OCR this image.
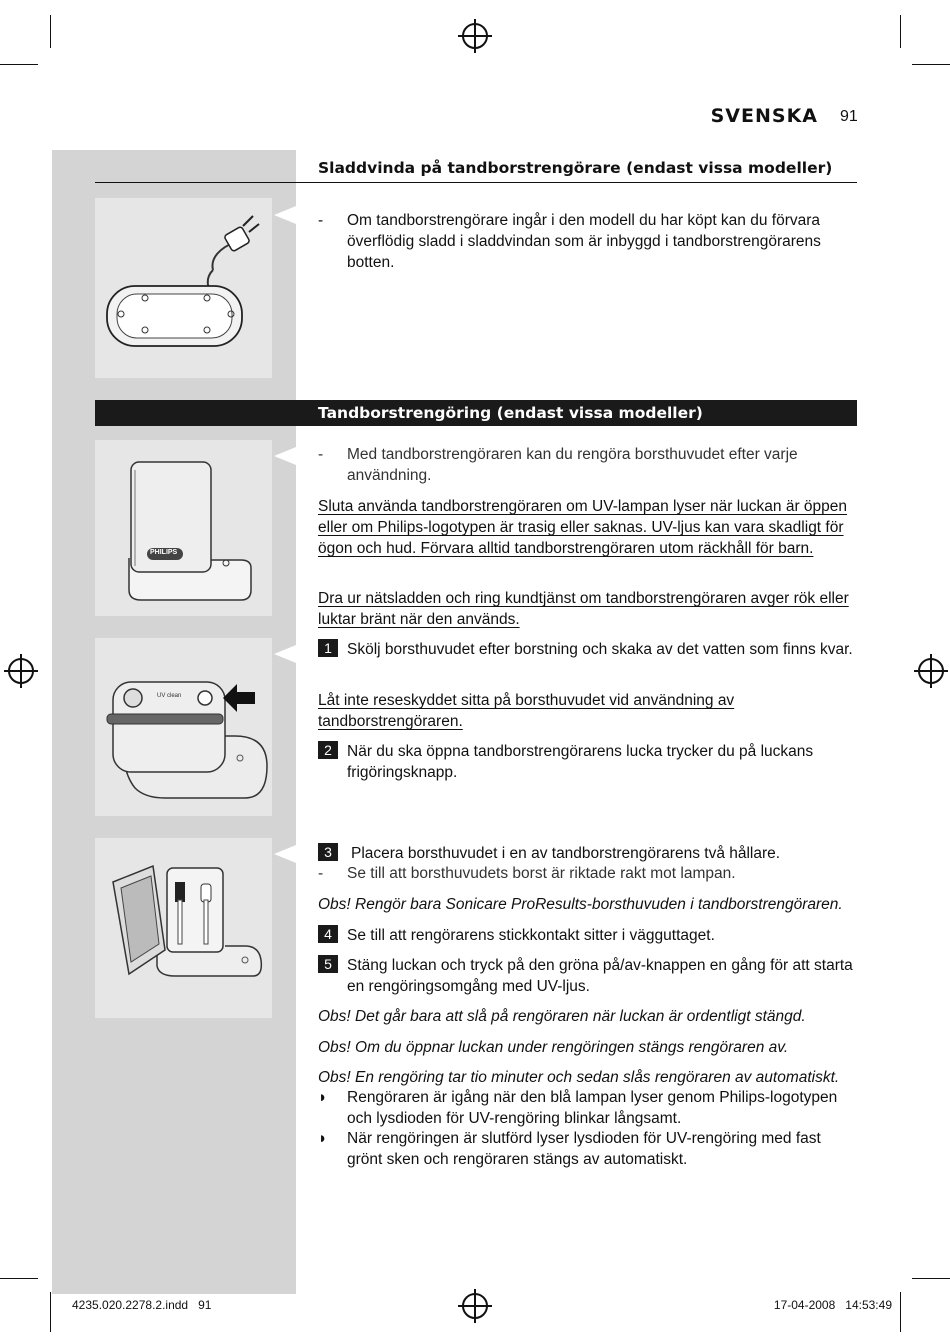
SVENSKA 91
PHILIPS
UV clean
Sladdvinda på tandborstrengörare (endast vissa modeller)
-	Om tandborstrengörare ingår i den modell du har köpt kan du förvara överflödig sladd i sladdvindan som är inbyggd i tandborstrengörarens botten.
Tandborstrengöring (endast vissa modeller)
-	Med tandborstrengöraren kan du rengöra borsthuvudet efter varje användning.
Sluta använda tandborstrengöraren om UV-lampan lyser när luckan är öppen eller om Philips-logotypen är trasig eller saknas. UV-ljus kan vara skadligt för ögon och hud. Förvara alltid tandborstrengöraren utom räckhåll för barn.
Dra ur nätsladden och ring kundtjänst om tandborstrengöraren avger rök eller luktar bränt när den används.
1 Skölj borsthuvudet efter borstning och skaka av det vatten som finns kvar.
Låt inte reseskyddet sitta på borsthuvudet vid användning av tandborstrengöraren.
2 När du ska öppna tandborstrengörarens lucka trycker du på luckans frigöringsknapp.
3	Placera borsthuvudet i en av tandborstrengörarens två hållare.
-	Se till att borsthuvudets borst är riktade rakt mot lampan.
Obs! Rengör bara Sonicare ProResults-borsthuvuden i tandborstrengöraren.
4 Se till att rengörarens stickkontakt sitter i vägguttaget.
5 Stäng luckan och tryck på den gröna på/av-knappen en gång för att starta en rengöringsomgång med UV-ljus.
Obs! Det går bara att slå på rengöraren när luckan är ordentligt stängd.
Obs! Om du öppnar luckan under rengöringen stängs rengöraren av.
Obs! En rengöring tar tio minuter och sedan slås rengöraren av automatiskt.
◗	Rengöraren är igång när den blå lampan lyser genom Philips-logotypen och lysdioden för UV-rengöring blinkar långsamt.
◗	När rengöringen är slutförd lyser lysdioden för UV-rengöring med fast grönt sken och rengöraren stängs av automatiskt.
4235.020.2278.2.indd   91	17-04-2008   14:53:49
